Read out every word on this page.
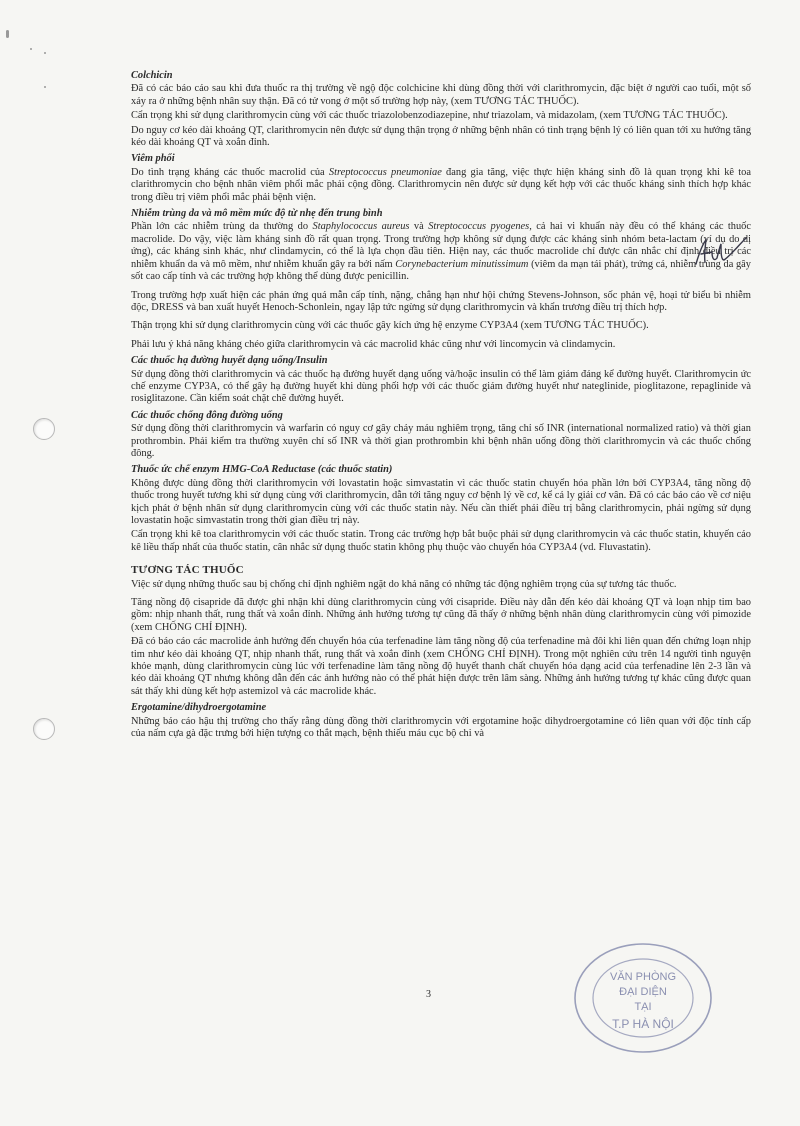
Colchicin

Đã có các báo cáo sau khi đưa thuốc ra thị trường về ngộ độc colchicine khi dùng đồng thời với clarithromycin, đặc biệt ở người cao tuổi, một số xảy ra ở những bệnh nhân suy thận. Đã có tử vong ở một số trường hợp này, (xem TƯƠNG TÁC THUỐC).

Cẩn trọng khi sử dụng clarithromycin cùng với các thuốc triazolobenzodiazepine, như triazolam, và midazolam, (xem TƯƠNG TÁC THUỐC).

Do nguy cơ kéo dài khoảng QT, clarithromycin nên được sử dụng thận trọng ở những bệnh nhân có tình trạng bệnh lý có liên quan tới xu hướng tăng kéo dài khoảng QT và xoắn đỉnh.

Viêm phổi

Do tình trạng kháng các thuốc macrolid của Streptococcus pneumoniae đang gia tăng, việc thực hiện kháng sinh đồ là quan trọng khi kê toa clarithromycin cho bệnh nhân viêm phổi mắc phải cộng đồng. Clarithromycin nên được sử dụng kết hợp với các thuốc kháng sinh thích hợp khác trong điều trị viêm phổi mắc phải bệnh viện.

Nhiễm trùng da và mô mềm mức độ từ nhẹ đến trung bình

Phần lớn các nhiễm trùng da thường do Staphylococcus aureus và Streptococcus pyogenes, cả hai vi khuẩn này đều có thể kháng các thuốc macrolide. Do vậy, việc làm kháng sinh đồ rất quan trọng. Trong trường hợp không sử dụng được các kháng sinh nhóm beta-lactam (ví dụ do dị ứng), các kháng sinh khác, như clindamycin, có thể là lựa chọn đầu tiên. Hiện nay, các thuốc macrolide chỉ được cân nhắc chỉ định điều trị các nhiễm khuẩn da và mô mềm, như nhiễm khuẩn gây ra bởi nấm Corynebacterium minutissimum (viêm da mạn tái phát), trứng cá, nhiễm trùng da gây sốt cao cấp tính và các trường hợp không thể dùng được penicillin.

Trong trường hợp xuất hiện các phản ứng quá mẫn cấp tính, nặng, chẳng hạn như hội chứng Stevens-Johnson, sốc phản vệ, hoại tử biểu bì nhiễm độc, DRESS và ban xuất huyết Henoch-Schonlein, ngay lập tức ngừng sử dụng clarithromycin và khẩn trương điều trị thích hợp.

Thận trọng khi sử dụng clarithromycin cùng với các thuốc gây kích ứng hệ enzyme CYP3A4 (xem TƯƠNG TÁC THUỐC).

Phải lưu ý khả năng kháng chéo giữa clarithromycin và các macrolid khác cũng như với lincomycin và clindamycin.

Các thuốc hạ đường huyết dạng uống/Insulin

Sử dụng đồng thời clarithromycin và các thuốc hạ đường huyết dạng uống và/hoặc insulin có thể làm giảm đáng kể đường huyết. Clarithromycin ức chế enzyme CYP3A, có thể gây hạ đường huyết khi dùng phối hợp với các thuốc giảm đường huyết như nateglinide, pioglitazone, repaglinide và rosiglitazone. Cần kiểm soát chặt chẽ đường huyết.

Các thuốc chống đông đường uống

Sử dụng đồng thời clarithromycin và warfarin có nguy cơ gây chảy máu nghiêm trọng, tăng chỉ số INR (international normalized ratio) và thời gian prothrombin. Phải kiểm tra thường xuyên chỉ số INR và thời gian prothrombin khi bệnh nhân uống đồng thời clarithromycin và các thuốc chống đông.

Thuốc ức chế enzym HMG-CoA Reductase (các thuốc statin)

Không được dùng đồng thời clarithromycin với lovastatin hoặc simvastatin vì các thuốc statin chuyển hóa phần lớn bởi CYP3A4, tăng nồng độ thuốc trong huyết tương khi sử dụng cùng với clarithromycin, dẫn tới tăng nguy cơ bệnh lý về cơ, kể cả ly giải cơ vân. Đã có các báo cáo về cơ niệu kịch phát ở bệnh nhân sử dụng clarithromycin cùng với các thuốc statin này. Nếu cần thiết phải điều trị bằng clarithromycin, phải ngừng sử dụng lovastatin hoặc simvastatin trong thời gian điều trị này.

Cẩn trọng khi kê toa clarithromycin với các thuốc statin. Trong các trường hợp bắt buộc phải sử dụng clarithromycin và các thuốc statin, khuyến cáo kê liều thấp nhất của thuốc statin, cân nhắc sử dụng thuốc statin không phụ thuộc vào chuyển hóa CYP3A4 (vd. Fluvastatin).

TƯƠNG TÁC THUỐC

Việc sử dụng những thuốc sau bị chống chỉ định nghiêm ngặt do khả năng có những tác động nghiêm trọng của sự tương tác thuốc.

Tăng nồng độ cisapride đã được ghi nhận khi dùng clarithromycin cùng với cisapride. Điều này dẫn đến kéo dài khoảng QT và loạn nhịp tim bao gồm: nhịp nhanh thất, rung thất và xoắn đỉnh. Những ảnh hưởng tương tự cũng đã thấy ở những bệnh nhân dùng clarithromycin cùng với pimozide (xem CHỐNG CHỈ ĐỊNH).

Đã có báo cáo các macrolide ảnh hưởng đến chuyển hóa của terfenadine làm tăng nồng độ của terfenadine mà đôi khi liên quan đến chứng loạn nhịp tim như kéo dài khoảng QT, nhịp nhanh thất, rung thất và xoắn đỉnh (xem CHỐNG CHỈ ĐỊNH). Trong một nghiên cứu trên 14 người tình nguyện khỏe mạnh, dùng clarithromycin cùng lúc với terfenadine làm tăng nồng độ huyết thanh chất chuyển hóa dạng acid của terfenadine lên 2-3 lần và kéo dài khoảng QT nhưng không dẫn đến các ảnh hưởng nào có thể phát hiện được trên lâm sàng. Những ảnh hưởng tương tự khác cũng được quan sát thấy khi dùng kết hợp astemizol và các macrolide khác.

Ergotamine/dihydroergotamine

Những báo cáo hậu thị trường cho thấy rằng dùng đồng thời clarithromycin với ergotamine hoặc dihydroergotamine có liên quan với độc tính cấp của nấm cựa gà đặc trưng bởi hiện tượng co thắt mạch, bệnh thiếu máu cục bộ chi và

3
VĂN PHÒNG
ĐẠI DIỆN
TẠI
T.P HÀ NỘI
